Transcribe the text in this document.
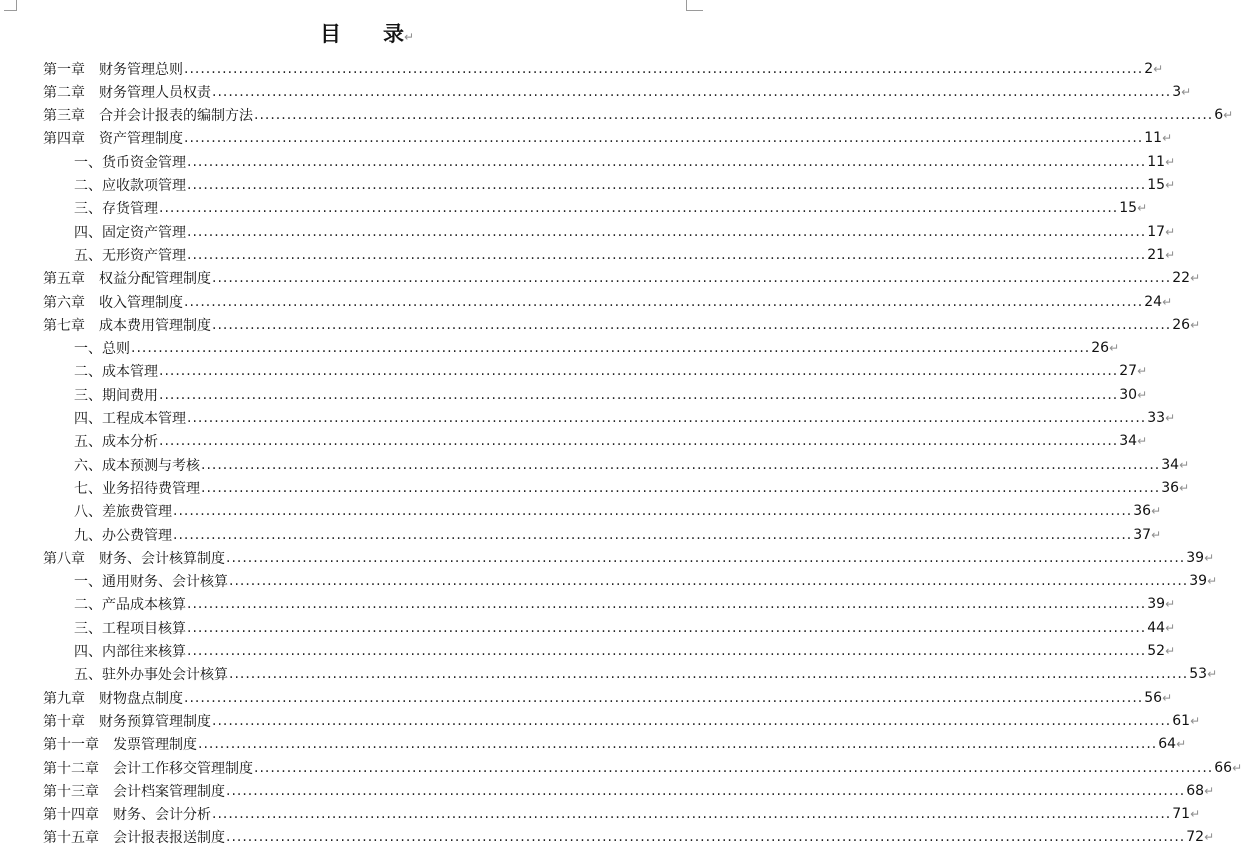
目 录↵
第一章 财务管理总则 ................................................................................................................................................................................ 2 ↵
第二章 财务管理人员权责 ................................................................................................................................................................................ 3 ↵
第三章 合并会计报表的编制方法 ................................................................................................................................................................................ 6 ↵
第四章 资产管理制度 ................................................................................................................................................................................ 11 ↵
一、货币资金管理 ................................................................................................................................................................................ 11 ↵
二、应收款项管理 ................................................................................................................................................................................ 15 ↵
三、存货管理 ................................................................................................................................................................................ 15 ↵
四、固定资产管理 ................................................................................................................................................................................ 17 ↵
五、无形资产管理 ................................................................................................................................................................................ 21 ↵
第五章 权益分配管理制度 ................................................................................................................................................................................ 22 ↵
第六章 收入管理制度 ................................................................................................................................................................................ 24 ↵
第七章 成本费用管理制度 ................................................................................................................................................................................ 26 ↵
一、总则 ................................................................................................................................................................................ 26 ↵
二、成本管理 ................................................................................................................................................................................ 27 ↵
三、期间费用 ................................................................................................................................................................................ 30 ↵
四、工程成本管理 ................................................................................................................................................................................ 33 ↵
五、成本分析 ................................................................................................................................................................................ 34 ↵
六、成本预测与考核 ................................................................................................................................................................................ 34 ↵
七、业务招待费管理 ................................................................................................................................................................................ 36 ↵
八、差旅费管理 ................................................................................................................................................................................ 36 ↵
九、办公费管理 ................................................................................................................................................................................ 37 ↵
第八章 财务、会计核算制度 ................................................................................................................................................................................ 39 ↵
一、通用财务、会计核算 ................................................................................................................................................................................ 39 ↵
二、产品成本核算 ................................................................................................................................................................................ 39 ↵
三、工程项目核算 ................................................................................................................................................................................ 44 ↵
四、内部往来核算 ................................................................................................................................................................................ 52 ↵
五、驻外办事处会计核算 ................................................................................................................................................................................ 53 ↵
第九章 财物盘点制度 ................................................................................................................................................................................ 56 ↵
第十章 财务预算管理制度 ................................................................................................................................................................................ 61 ↵
第十一章 发票管理制度 ................................................................................................................................................................................ 64 ↵
第十二章 会计工作移交管理制度 ................................................................................................................................................................................ 66 ↵
第十三章 会计档案管理制度 ................................................................................................................................................................................ 68 ↵
第十四章 财务、会计分析 ................................................................................................................................................................................ 71 ↵
第十五章 会计报表报送制度 ................................................................................................................................................................................ 72 ↵
